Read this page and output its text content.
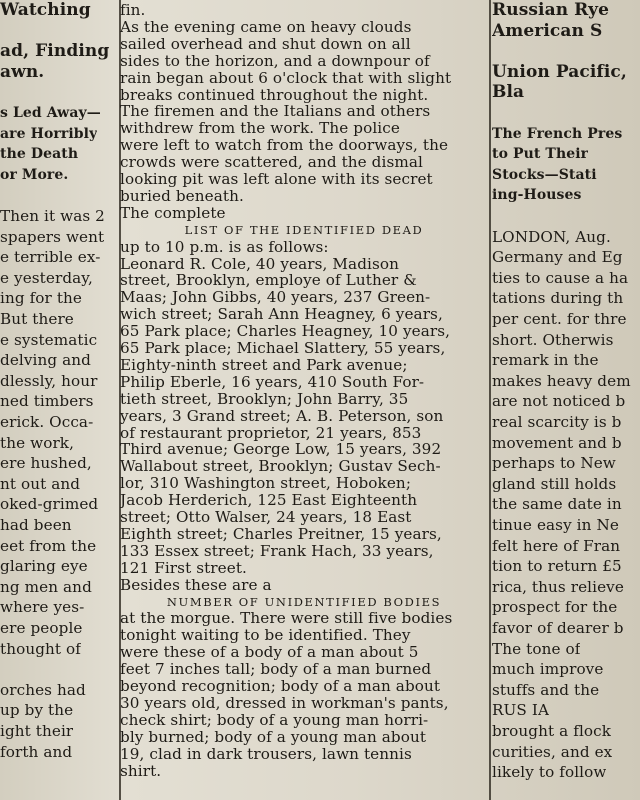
Watching
ad, Finding
awn.
s Led Away—
are Horribly
the Death
or More.
Then it was 2
spapers went
e terrible ex-
e yesterday,
ing for the
But there
e systematic
delving and
dlessly, hour
ned timbers
erick. Occa-
the work,
ere hushed,
nt out and
oked-grimed
had been
eet from the
glaring eye
ng men and
where yes-
ere people
thought of
orches had
up by the
ight their
forth and
fin.
As the evening came on heavy clouds
sailed overhead and shut down on all
sides to the horizon, and a downpour of
rain began about 6 o'clock that with slight
breaks continued throughout the night.
The firemen and the Italians and others
withdrew from the work. The police
were left to watch from the doorways, the
crowds were scattered, and the dismal
looking pit was left alone with its secret
buried beneath.
The complete
LIST OF THE IDENTIFIED DEAD
up to 10 p.m. is as follows:
Leonard R. Cole, 40 years, Madison
street, Brooklyn, employe of Luther &
Maas; John Gibbs, 40 years, 237 Green-
wich street; Sarah Ann Heagney, 6 years,
65 Park place; Charles Heagney, 10 years,
65 Park place; Michael Slattery, 55 years,
Eighty-ninth street and Park avenue;
Philip Eberle, 16 years, 410 South For-
tieth street, Brooklyn; John Barry, 35
years, 3 Grand street; A. B. Peterson, son
of restaurant proprietor, 21 years, 853
Third avenue; George Low, 15 years, 392
Wallabout street, Brooklyn; Gustav Sech-
lor, 310 Washington street, Hoboken;
Jacob Herderich, 125 East Eighteenth
street; Otto Walser, 24 years, 18 East
Eighth street; Charles Preitner, 15 years,
133 Essex street; Frank Hach, 33 years,
121 First street.
Besides these are a
NUMBER OF UNIDENTIFIED BODIES
at the morgue. There were still five bodies
tonight waiting to be identified. They
were these of a body of a man about 5
feet 7 inches tall; body of a man burned
beyond recognition; body of a man about
30 years old, dressed in workman's pants,
check shirt; body of a young man horri-
bly burned; body of a young man about
19, clad in dark trousers, lawn tennis
shirt.
Russian Rye
American S
Union Pacific,
Bla
The French Pres
to Put Their
Stocks—Stati
ing-Houses
LONDON, Aug.
Germany and Eg
ties to cause a ha
tations during th
per cent. for thre
short. Otherwis
remark in the
makes heavy dem
are not noticed b
real scarcity is b
movement and b
perhaps to New
gland still holds
the same date in
tinue easy in Ne
felt here of Fran
tion to return £5
rica, thus relieve
prospect for the
favor of dearer b
The tone of
much improve
stuffs and the
RUS IA
brought a flock
curities, and ex
likely to follow
